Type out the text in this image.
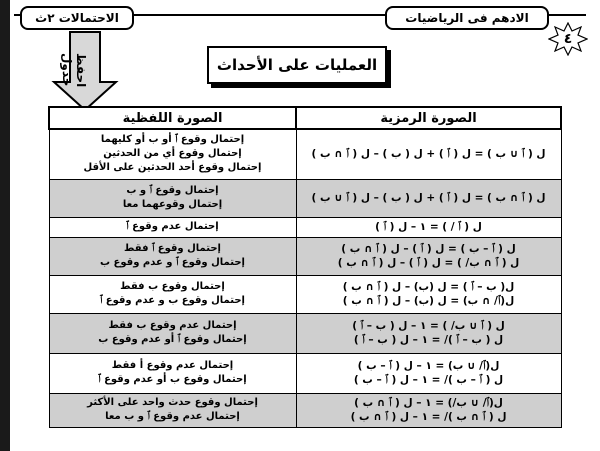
الاحتمالات ٢ث	الادهم فى الرياضيات
٤
احفظ جدول	العمليات على الأحداث
الصورة الرمزية	الصورة اللفظية

ل ( ﭐ ∪ ب ) = ل ( ﭐ ) + ل ( ب ) – ل ( ﭐ ∩ ب )	إحتمال وقوع ﭐ أو ب أو كليهما
إحتمال وقوع أي من الحدثين
إحتمال وقوع أحد الحدثين على الأقل

ل ( ﭐ ∩ ب ) = ل ( ﭐ ) + ل ( ب ) – ل ( ﭐ ∪ ب )	إحتمال وقوع ﭐ و ب
إحتمال وقوعهما معا

ل ( ﭐ / ) = ١ – ل ( ﭐ )	إحتمال عدم وقوع ﭐ

ل ( ﭐ – ب ) = ل ( ﭐ ) – ل ( ﭐ ∩ ب )
ل ( ﭐ ∩ ب/ ) = ل ( ﭐ ) – ل ( ﭐ ∩ ب )	إحتمال وقوع ﭐ فقط
إحتمال وقوع ﭐ و عدم وقوع ب

ل( ب – ﭐ ) = ل (ب) – ل ( ﭐ ∩ ب )
ل(ﭐ/ ∩ ب) = ل (ب) – ل ( ﭐ ∩ ب )	إحتمال وقوع ب فقط
إحتمال وقوع ب و عدم وقوع ﭐ

ل ( ﭐ ∪ ب/ ) = ١ – ل ( ب – ﭐ )
ل ( ب – ﭐ )/ = ١ – ل ( ب – ﭐ )	إحتمال عدم وقوع ب فقط
إحتمال وقوع ﭐ أو عدم وقوع ب

ل(ﭐ/ ∪ ب) = ١ – ل ( ﭐ – ب )
ل ( ﭐ – ب )/ = ١ – ل ( ﭐ – ب )	إحتمال عدم وقوع أ فقط
إحتمال وقوع ب أو عدم وقوع ﭐ

ل(ﭐ/ ∪ ب/) = ١ – ل ( ﭐ ∩ ب )
ل ( ﭐ ∩ ب )/ = ١ – ل ( ﭐ ∩ ب )	إحتمال وقوع حدث واحد على الأكثر
إحتمال عدم وقوع ﭐ و ب معا
